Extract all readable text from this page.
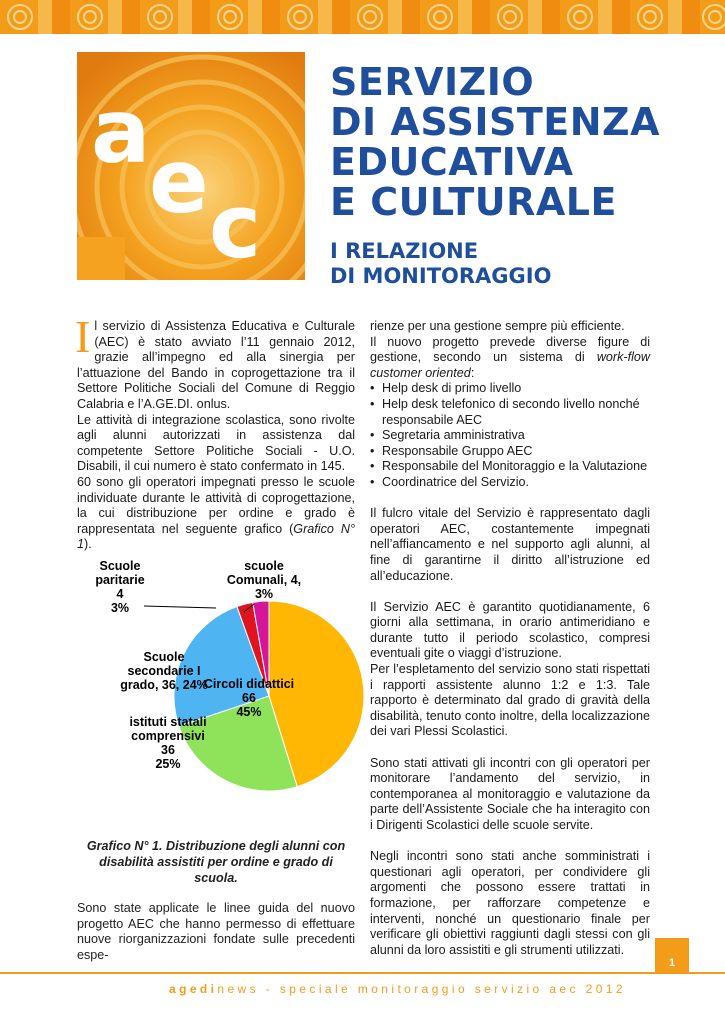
a
e c
SERVIZIO
DI ASSISTENZA
EDUCATIVA
E CULTURALE
I RELAZIONE
DI MONITORAGGIO
I l servizio di Assistenza Educativa e Culturale (AEC) è stato avviato l’11 gennaio 2012, grazie all’impegno ed alla sinergia per l’attuazione del Bando in coprogettazione tra il Settore Politiche Sociali del Comune di Reggio Calabria e l’A.GE.DI. onlus.

Le attività di integrazione scolastica, sono rivolte agli alunni autorizzati in assistenza dal competente Settore Politiche Sociali - U.O. Disabili, il cui numero è stato confermato in 145.

60 sono gli operatori impegnati presso le scuole individuate durante le attività di coprogettazione, la cui distribuzione per ordine e grado è rappresentata nel seguente grafico (Grafico N° 1).

Circoli didattici 66 45%
istituti statali comprensivi 36 25%
Scuole secondarie I grado, 36, 24%
Scuole paritarie 4 3%
scuole Comunali, 4, 3%
Grafico N° 1. Distribuzione degli alunni con disabilità assistiti per ordine e grado di scuola.
Sono state applicate le linee guida del nuovo progetto AEC che hanno permesso di effettuare nuove riorganizzazioni fondate sulle precedenti espe-

rienze per una gestione sempre più efficiente.

Il nuovo progetto prevede diverse figure di gestione, secondo un sistema di work-flow customer oriented:

• Help desk di primo livello
• Help desk telefonico di secondo livello nonché responsabile AEC
• Segretaria amministrativa
• Responsabile Gruppo AEC
• Responsabile del Monitoraggio e la Valutazione
• Coordinatrice del Servizio.

Il fulcro vitale del Servizio è rappresentato dagli operatori AEC, costantemente impegnati nell’affiancamento e nel supporto agli alunni, al fine di garantirne il diritto all’istruzione ed all’educazione.

Il Servizio AEC è garantito quotidianamente, 6 giorni alla settimana, in orario antimeridiano e durante tutto il periodo scolastico, compresi eventuali gite o viaggi d’istruzione.

Per l’espletamento del servizio sono stati rispettati i rapporti assistente alunno 1:2 e 1:3. Tale rapporto è determinato dal grado di gravità della disabilità, tenuto conto inoltre, della localizzazione dei vari Plessi Scolastici.

Sono stati attivati gli incontri con gli operatori per monitorare l’andamento del servizio, in contemporanea al monitoraggio e valutazione da parte dell’Assistente Sociale che ha interagito con i Dirigenti Scolastici delle scuole servite.

Negli incontri sono stati anche somministrati i questionari agli operatori, per condividere gli argomenti che possono essere trattati in formazione, per rafforzare competenze e interventi, nonché un questionario finale per verificare gli obiettivi raggiunti dagli stessi con gli alunni da loro assistiti e gli strumenti utilizzati.

1
agedinews - speciale monitoraggio servizio aec 2012
